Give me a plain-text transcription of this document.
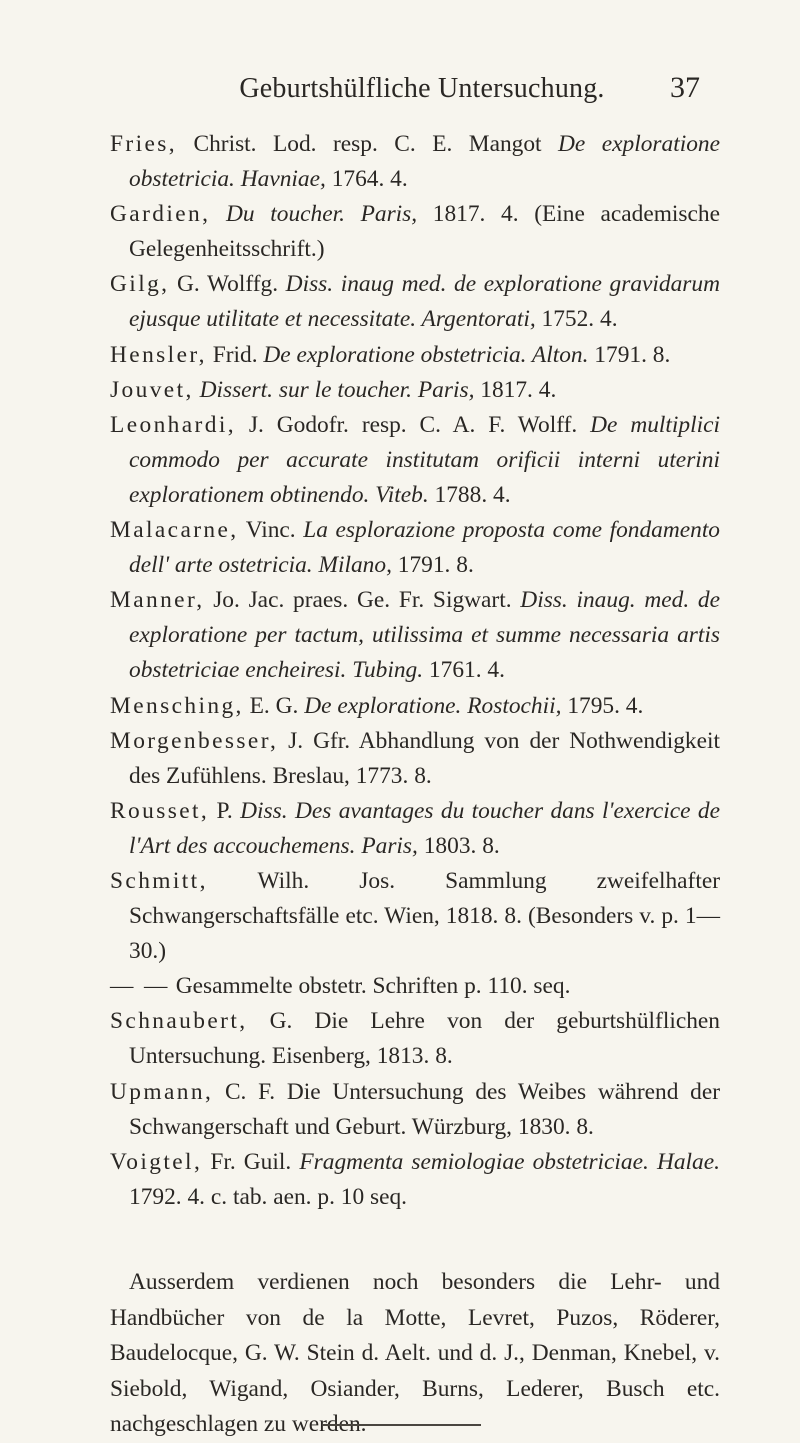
Geburtshülfliche Untersuchung.	37

Fries, Christ. Lod. resp. C. E. Mangot De exploratione obstetricia. Havniae, 1764. 4.

Gardien, Du toucher. Paris, 1817. 4. (Eine academische Gelegenheitsschrift.)

Gilg, G. Wolffg. Diss. inaug med. de exploratione gravidarum ejusque utilitate et necessitate. Argentorati, 1752. 4.

Hensler, Frid. De exploratione obstetricia. Alton. 1791. 8.

Jouvet, Dissert. sur le toucher. Paris, 1817. 4.

Leonhardi, J. Godofr. resp. C. A. F. Wolff. De multiplici commodo per accurate institutam orificii interni uterini explorationem obtinendo. Viteb. 1788. 4.

Malacarne, Vinc. La esplorazione proposta come fondamento dell' arte ostetricia. Milano, 1791. 8.

Manner, Jo. Jac. praes. Ge. Fr. Sigwart. Diss. inaug. med. de exploratione per tactum, utilissima et summe necessaria artis obstetriciae encheiresi. Tubing. 1761. 4.

Mensching, E. G. De exploratione. Rostochii, 1795. 4.

Morgenbesser, J. Gfr. Abhandlung von der Nothwendigkeit des Zufühlens. Breslau, 1773. 8.

Rousset, P. Diss. Des avantages du toucher dans l'exercice de l'Art des accouchemens. Paris, 1803. 8.

Schmitt, Wilh. Jos. Sammlung zweifelhafter Schwangerschaftsfälle etc. Wien, 1818. 8. (Besonders v. p. 1—30.)

— — Gesammelte obstetr. Schriften p. 110. seq.

Schnaubert, G. Die Lehre von der geburtshülflichen Untersuchung. Eisenberg, 1813. 8.

Upmann, C. F. Die Untersuchung des Weibes während der Schwangerschaft und Geburt. Würzburg, 1830. 8.

Voigtel, Fr. Guil. Fragmenta semiologiae obstetriciae. Halae. 1792. 4. c. tab. aen. p. 10 seq.

Ausserdem verdienen noch besonders die Lehr- und Handbücher von de la Motte, Levret, Puzos, Röderer, Baudelocque, G. W. Stein d. Aelt. und d. J., Denman, Knebel, v. Siebold, Wigand, Osiander, Burns, Lederer, Busch etc. nachgeschlagen zu werden.
